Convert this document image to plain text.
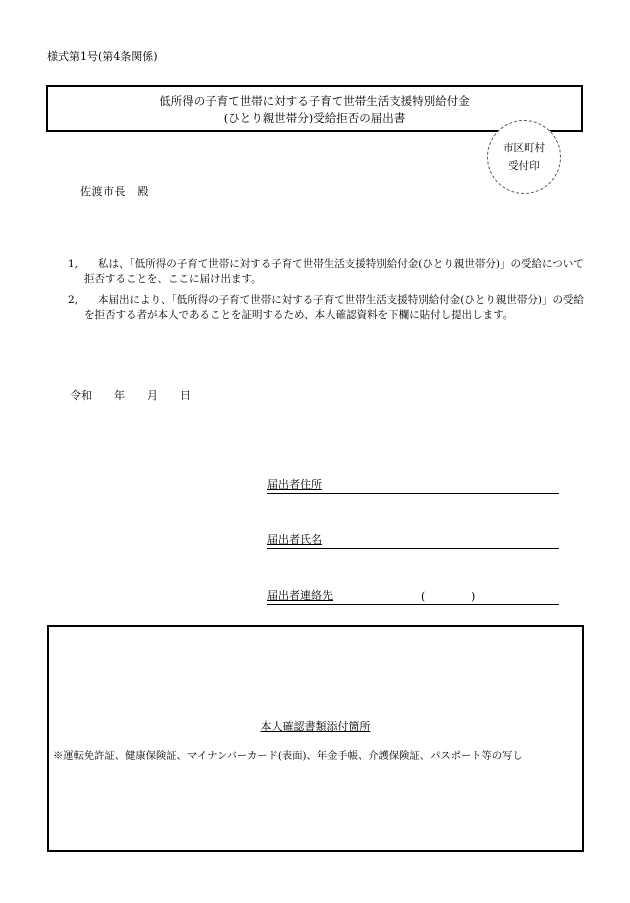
様式第1号(第4条関係)
低所得の子育て世帯に対する子育て世帯生活支援特別給付金
(ひとり親世帯分)受給拒否の届出書
市区町村
受付印
佐渡市長　殿
1,	私は、「低所得の子育て世帯に対する子育て世帯生活支援特別給付金(ひとり親世帯分)」の受給について拒否することを、ここに届け出ます。
2,	本届出により、「低所得の子育て世帯に対する子育て世帯生活支援特別給付金(ひとり親世帯分)」の受給を拒否する者が本人であることを証明するため、本人確認資料を下欄に貼付し提出します。
令和　　年　　月　　日
届出者住所
届出者氏名
届出者連絡先	(	)
本人確認書類添付箇所
※運転免許証、健康保険証、マイナンバーカード(表面)、年金手帳、介護保険証、パスポート等の写し
